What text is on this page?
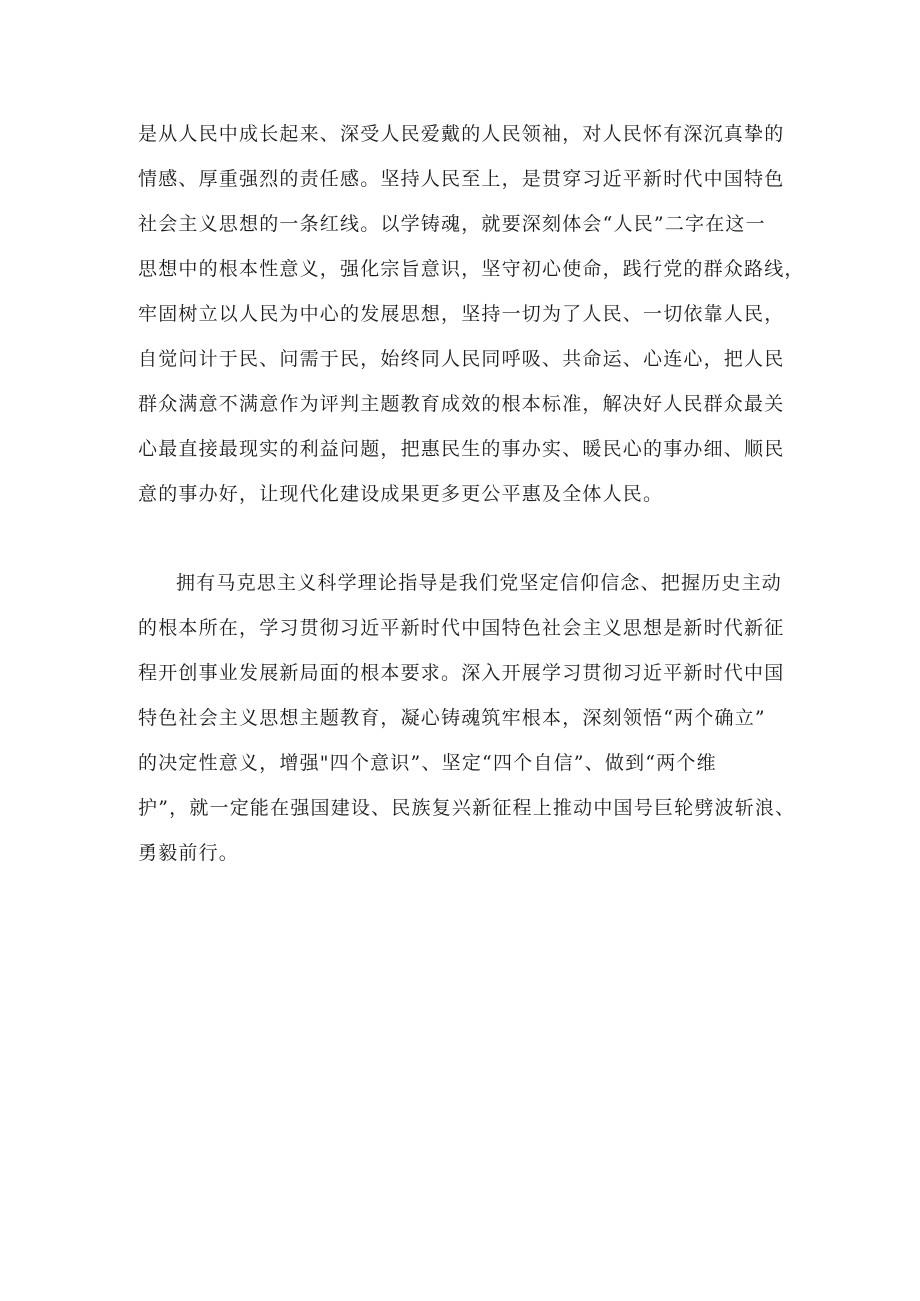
是从人民中成长起来、深受人民爱戴的人民领袖，对人民怀有深沉真挚的
情感、厚重强烈的责任感。坚持人民至上，是贯穿习近平新时代中国特色
社会主义思想的一条红线。以学铸魂，就要深刻体会“人民”二字在这一
思想中的根本性意义，强化宗旨意识，坚守初心使命，践行党的群众路线，
牢固树立以人民为中心的发展思想，坚持一切为了人民、一切依靠人民，
自觉问计于民、问需于民，始终同人民同呼吸、共命运、心连心，把人民
群众满意不满意作为评判主题教育成效的根本标准，解决好人民群众最关
心最直接最现实的利益问题，把惠民生的事办实、暖民心的事办细、顺民
意的事办好，让现代化建设成果更多更公平惠及全体人民。
拥有马克思主义科学理论指导是我们党坚定信仰信念、把握历史主动
的根本所在，学习贯彻习近平新时代中国特色社会主义思想是新时代新征
程开创事业发展新局面的根本要求。深入开展学习贯彻习近平新时代中国
特色社会主义思想主题教育，凝心铸魂筑牢根本，深刻领悟“两个确立”
的决定性意义，增强"四个意识”、坚定“四个自信”、做到“两个维
护”，就一定能在强国建设、民族复兴新征程上推动中国号巨轮劈波斩浪、
勇毅前行。
